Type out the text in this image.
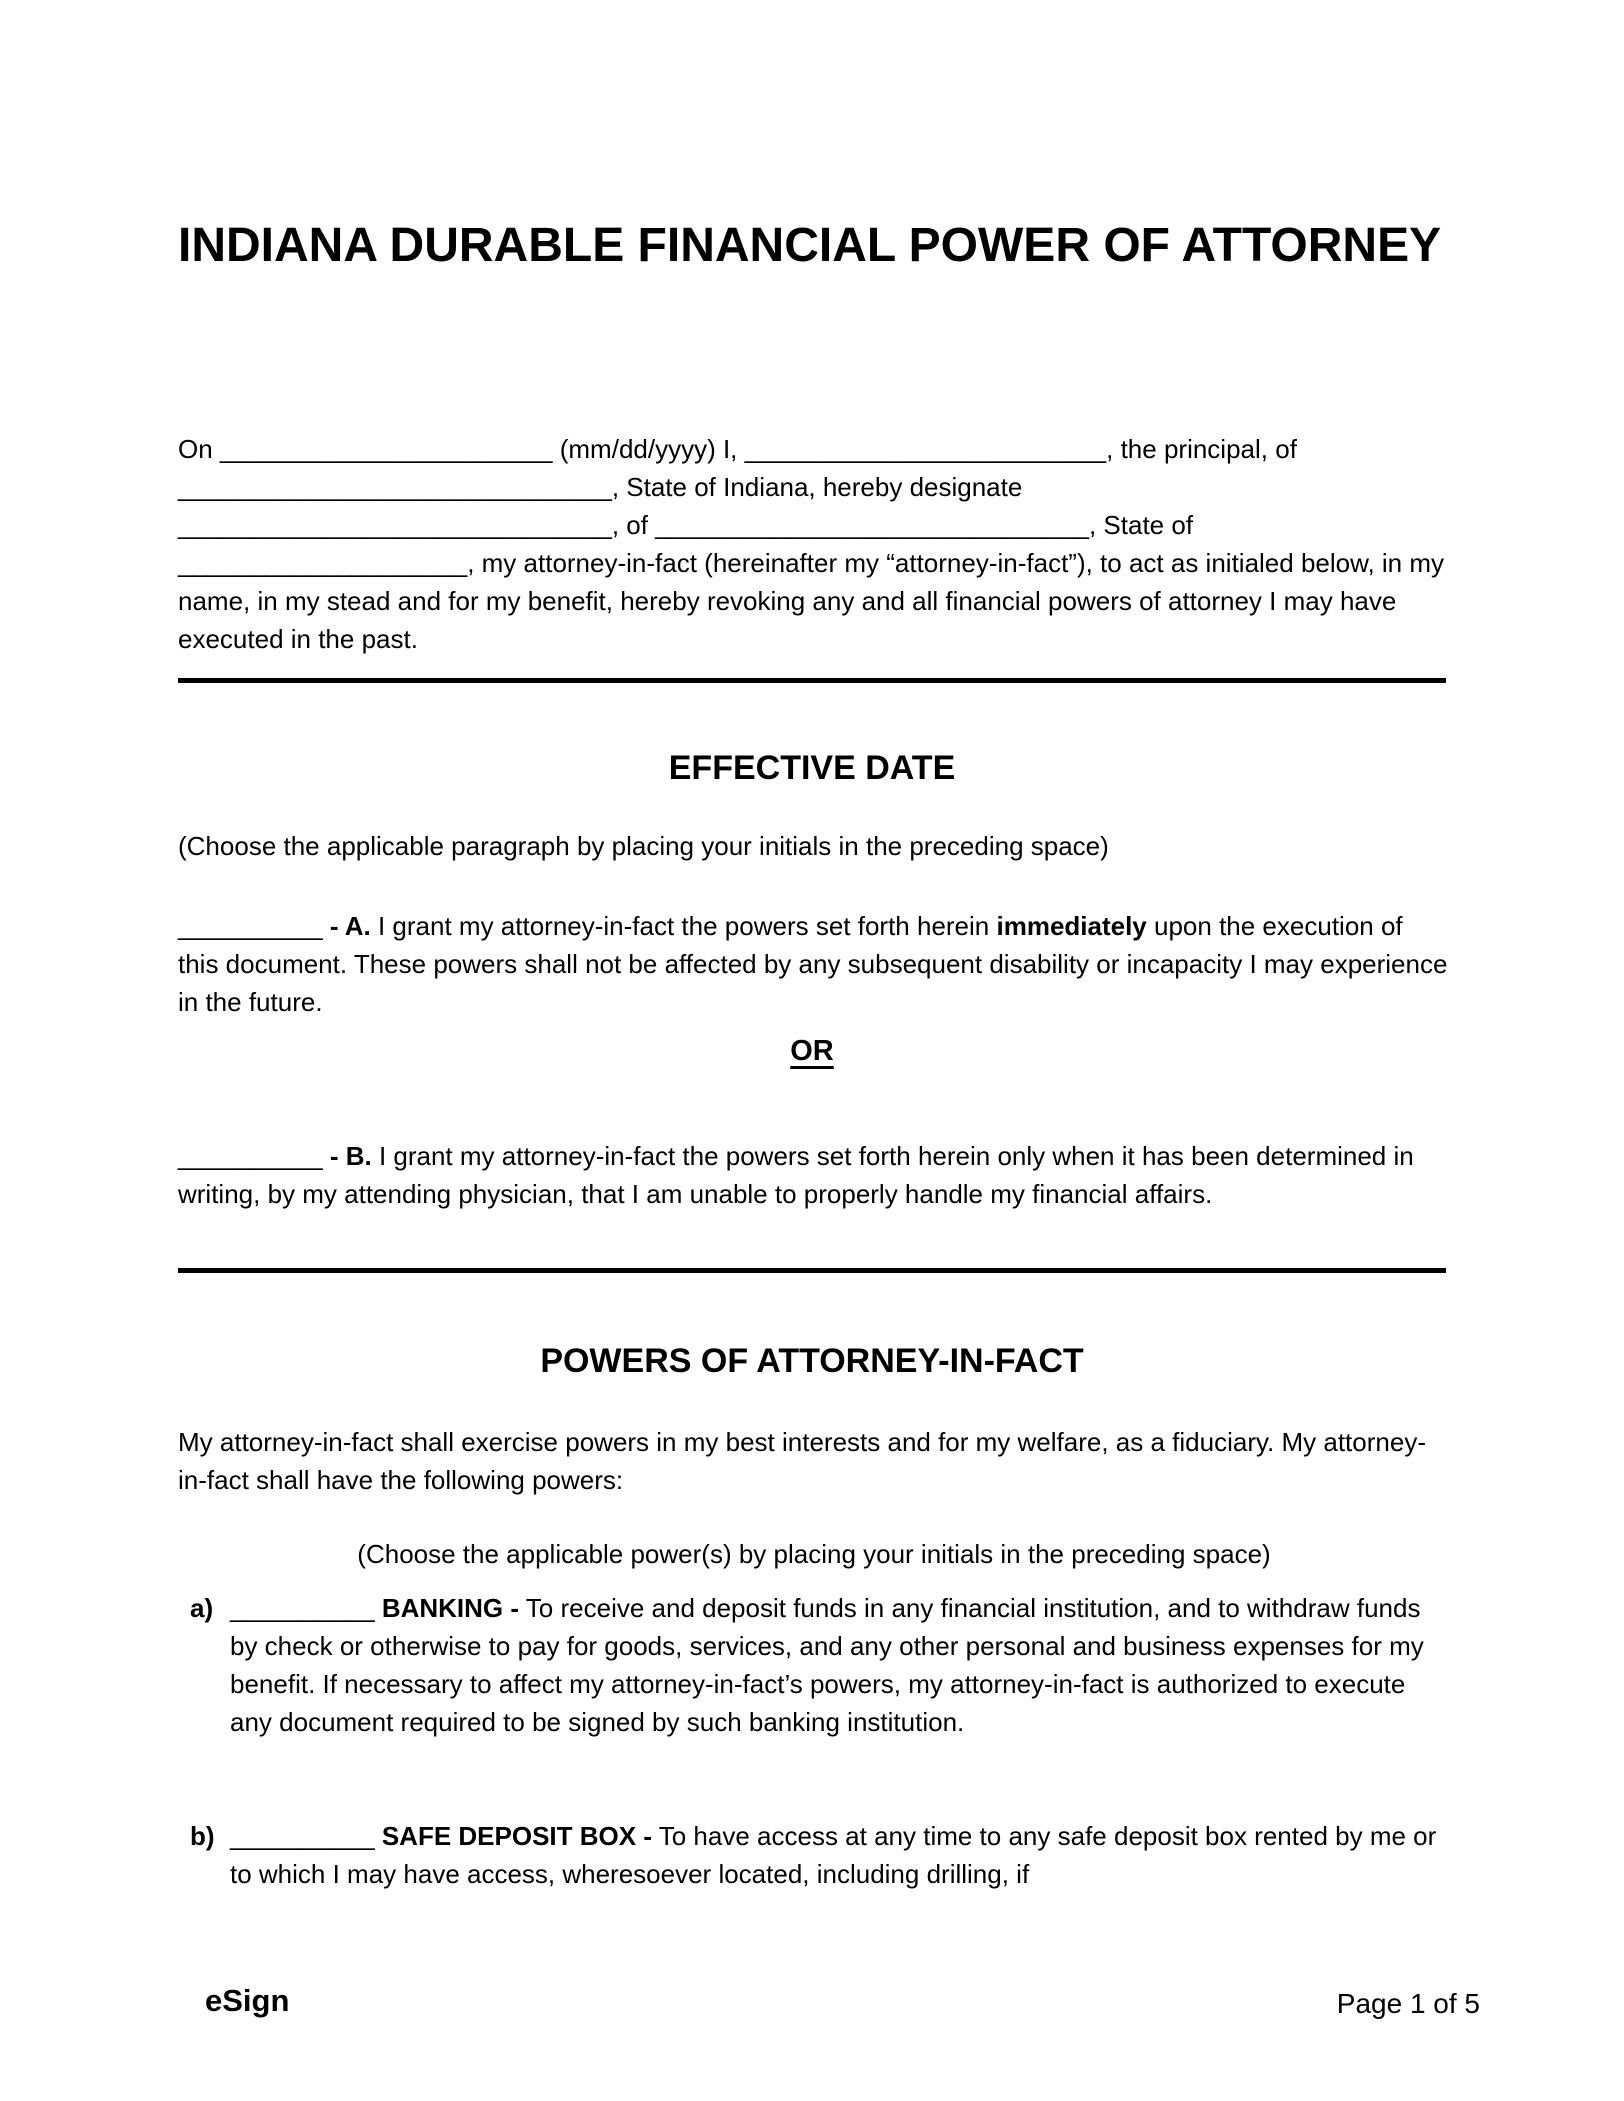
INDIANA DURABLE FINANCIAL POWER OF ATTORNEY

On _______________________ (mm/dd/yyyy) I, _________________________, the principal, of ______________________________, State of Indiana, hereby designate ______________________________, of ______________________________, State of ____________________, my attorney-in-fact (hereinafter my “attorney-in-fact”), to act as initialed below, in my name, in my stead and for my benefit, hereby revoking any and all financial powers of attorney I may have executed in the past.

EFFECTIVE DATE

(Choose the applicable paragraph by placing your initials in the preceding space)

__________ - A. I grant my attorney-in-fact the powers set forth herein immediately upon the execution of this document. These powers shall not be affected by any subsequent disability or incapacity I may experience in the future.

OR

__________ - B. I grant my attorney-in-fact the powers set forth herein only when it has been determined in writing, by my attending physician, that I am unable to properly handle my financial affairs.

POWERS OF ATTORNEY-IN-FACT

My attorney-in-fact shall exercise powers in my best interests and for my welfare, as a fiduciary. My attorney-in-fact shall have the following powers:

(Choose the applicable power(s) by placing your initials in the preceding space)

a) __________ BANKING - To receive and deposit funds in any financial institution, and to withdraw funds by check or otherwise to pay for goods, services, and any other personal and business expenses for my benefit. If necessary to affect my attorney-in-fact’s powers, my attorney-in-fact is authorized to execute any document required to be signed by such banking institution.
b) __________ SAFE DEPOSIT BOX - To have access at any time to any safe deposit box rented by me or to which I may have access, wheresoever located, including drilling, if
eSign	Page 1 of 5
